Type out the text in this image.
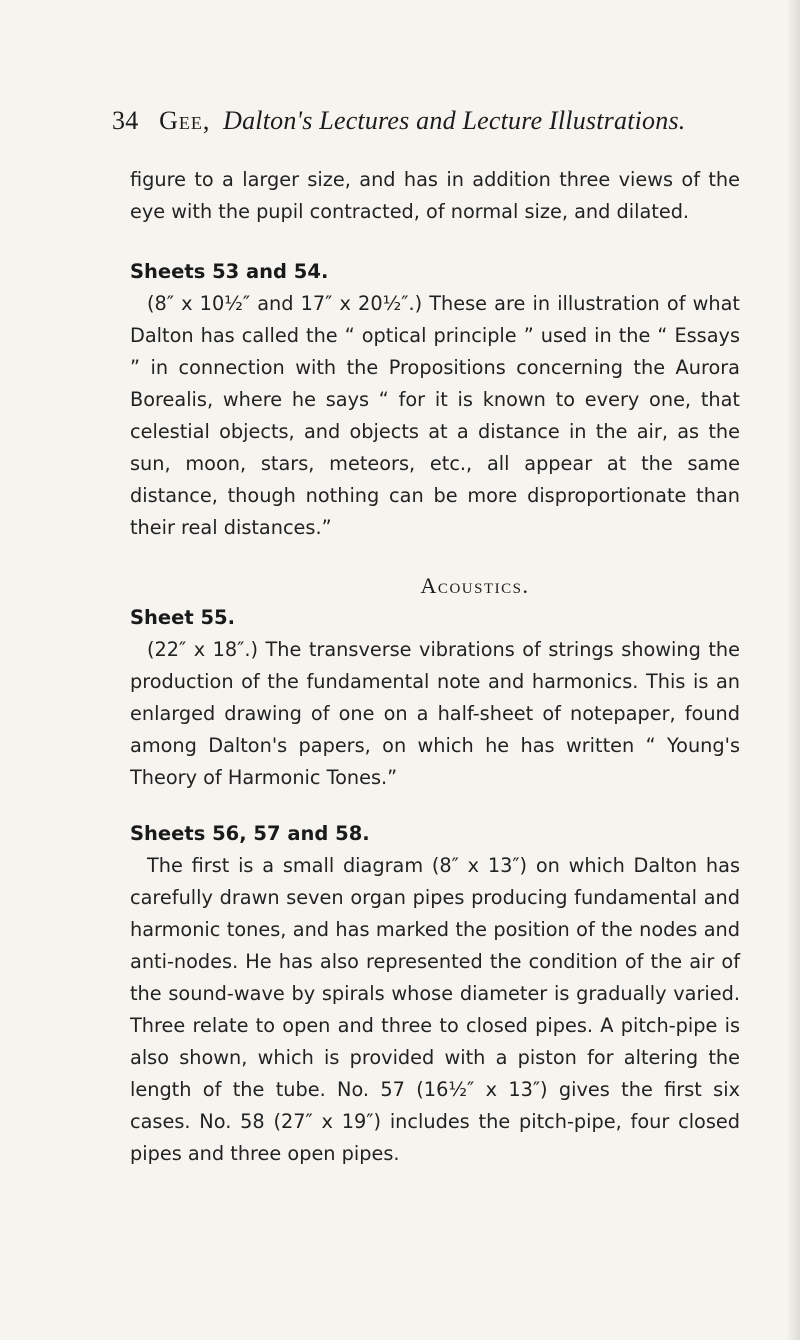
34 Gee, Dalton's Lectures and Lecture Illustrations.

figure to a larger size, and has in addition three views of the eye with the pupil contracted, of normal size, and dilated.

Sheets 53 and 54.

(8″ x 10½″ and 17″ x 20½″.) These are in illustration of what Dalton has called the “ optical principle ” used in the “ Essays ” in connection with the Propositions concerning the Aurora Borealis, where he says “ for it is known to every one, that celestial objects, and objects at a distance in the air, as the sun, moon, stars, meteors, etc., all appear at the same distance, though nothing can be more disproportionate than their real distances.”

Acoustics.

Sheet 55.

(22″ x 18″.) The transverse vibrations of strings showing the production of the fundamental note and harmonics. This is an enlarged drawing of one on a half-sheet of notepaper, found among Dalton's papers, on which he has written “ Young's Theory of Harmonic Tones.”

Sheets 56, 57 and 58.

The first is a small diagram (8″ x 13″) on which Dalton has carefully drawn seven organ pipes producing fundamental and harmonic tones, and has marked the position of the nodes and anti-nodes. He has also represented the condition of the air of the sound-wave by spirals whose diameter is gradually varied. Three relate to open and three to closed pipes. A pitch-pipe is also shown, which is provided with a piston for altering the length of the tube. No. 57 (16½″ x 13″) gives the first six cases. No. 58 (27″ x 19″) includes the pitch-pipe, four closed pipes and three open pipes.
